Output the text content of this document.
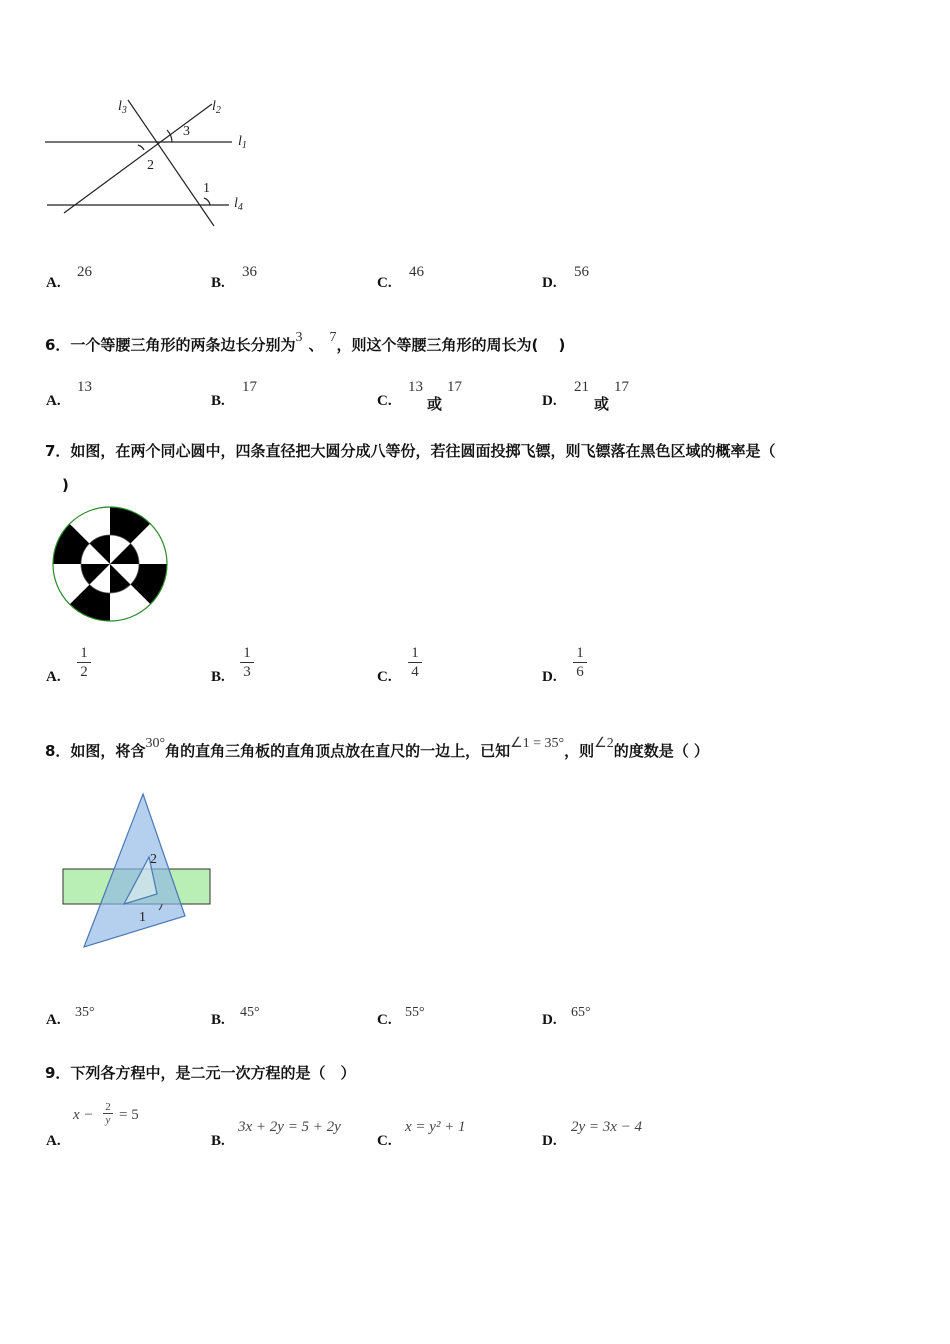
$l_3$	$l_2$
$l_1$
$l_4$
3
2
1
A.
26
B.
36
C.
46
D.
56
6．一个等腰三角形的两条边长分别为3 、 7，则这个等腰三角形的周长为(　 )
A.
13
B.
17
C.
13
或
17
D.
21
或
17
7．如图，在两个同心圆中，四条直径把大圆分成八等份，若往圆面投掷飞镖，则飞镖落在黑色区域的概率是（
)
A. $\frac{1}{2}$	B. $\frac{1}{3}$	C. $\frac{1}{4}$	D. $\frac{1}{6}$
8．如图，将含30°角的直角三角板的直角顶点放在直尺的一边上，已知∠1 = 35°，则∠2的度数是（ ）
2
1
A. 35°	B. 45°	C. 55°	D. 65°
9．下列各方程中，是二元一次方程的是（　）
A.
x − 2
y = 5
B.
3x + 2y = 5 + 2y
C.
x = y² + 1
D.
2y = 3x − 4
